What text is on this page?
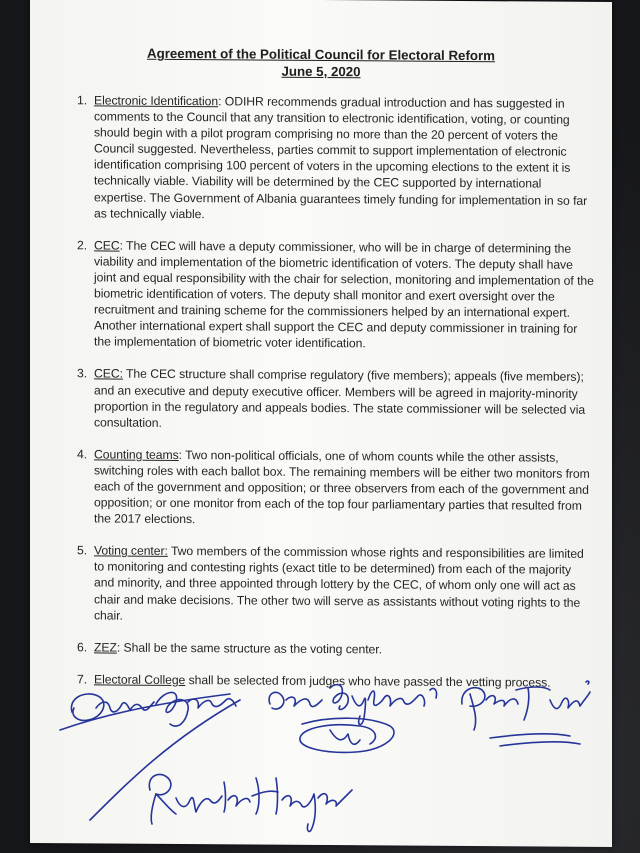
Agreement of the Political Council for Electoral Reform

June 5, 2020

1. Electronic Identification: ODIHR recommends gradual introduction and has suggested in comments to the Council that any transition to electronic identification, voting, or counting should begin with a pilot program comprising no more than the 20 percent of voters the Council suggested. Nevertheless, parties commit to support implementation of electronic identification comprising 100 percent of voters in the upcoming elections to the extent it is technically viable. Viability will be determined by the CEC supported by international expertise. The Government of Albania guarantees timely funding for implementation in so far as technically viable.

2. CEC: The CEC will have a deputy commissioner, who will be in charge of determining the viability and implementation of the biometric identification of voters. The deputy shall have joint and equal responsibility with the chair for selection, monitoring and implementation of the biometric identification of voters. The deputy shall monitor and exert oversight over the recruitment and training scheme for the commissioners helped by an international expert. Another international expert shall support the CEC and deputy commissioner in training for the implementation of biometric voter identification.

3. CEC: The CEC structure shall comprise regulatory (five members); appeals (five members); and an executive and deputy executive officer. Members will be agreed in majority-minority proportion in the regulatory and appeals bodies. The state commissioner will be selected via consultation.

4. Counting teams: Two non-political officials, one of whom counts while the other assists, switching roles with each ballot box. The remaining members will be either two monitors from each of the government and opposition; or three observers from each of the government and opposition; or one monitor from each of the top four parliamentary parties that resulted from the 2017 elections.

5. Voting center: Two members of the commission whose rights and responsibilities are limited to monitoring and contesting rights (exact title to be determined) from each of the majority and minority, and three appointed through lottery by the CEC, of whom only one will act as chair and make decisions. The other two will serve as assistants without voting rights to the chair.

6. ZEZ: Shall be the same structure as the voting center.

7. Electoral College shall be selected from judges who have passed the vetting process.
